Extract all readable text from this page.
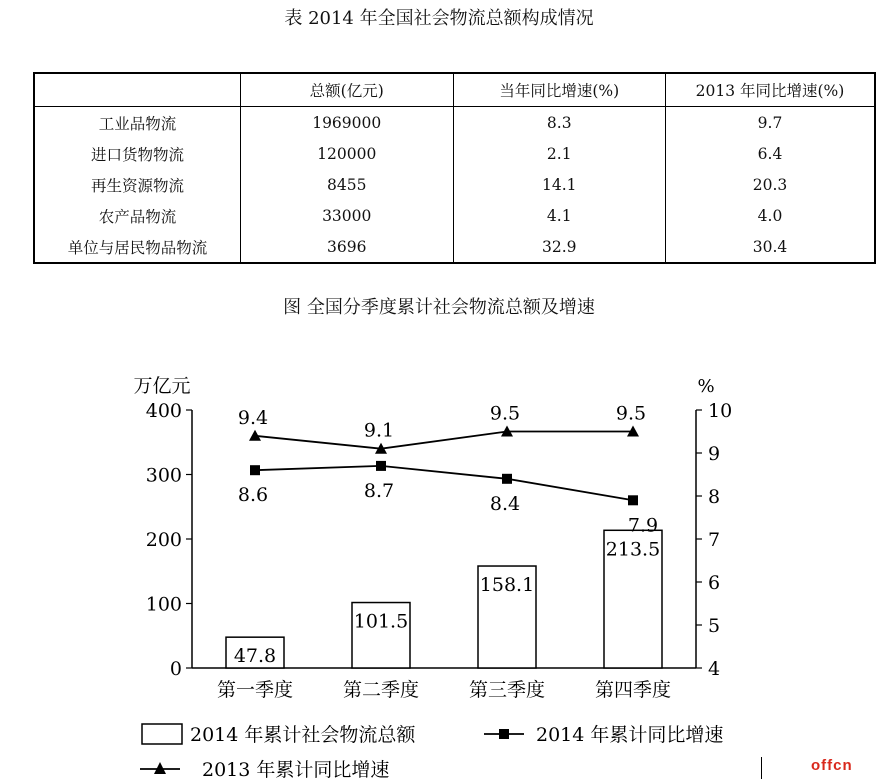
表 2014 年全国社会物流总额构成情况
	总额(亿元)	当年同比增速(%)	2013 年同比增速(%)
工业品物流	1969000	8.3	9.7
进口货物物流	120000	2.1	6.4
再生资源物流	8455	14.1	20.3
农产品物流	33000	4.1	4.0
单位与居民物品物流	3696	32.9	30.4
图 全国分季度累计社会物流总额及增速
0
100
200
300
400
4
5
6
7
8
9
10
万亿元	%
第一季度	第二季度	第三季度	第四季度
47.8
101.5
158.1
213.5
9.4
9.1
9.5	9.5
8.6	8.7
8.4
7.9
2014 年累计社会物流总额	2014 年累计同比增速
2013 年累计同比增速	offcn
